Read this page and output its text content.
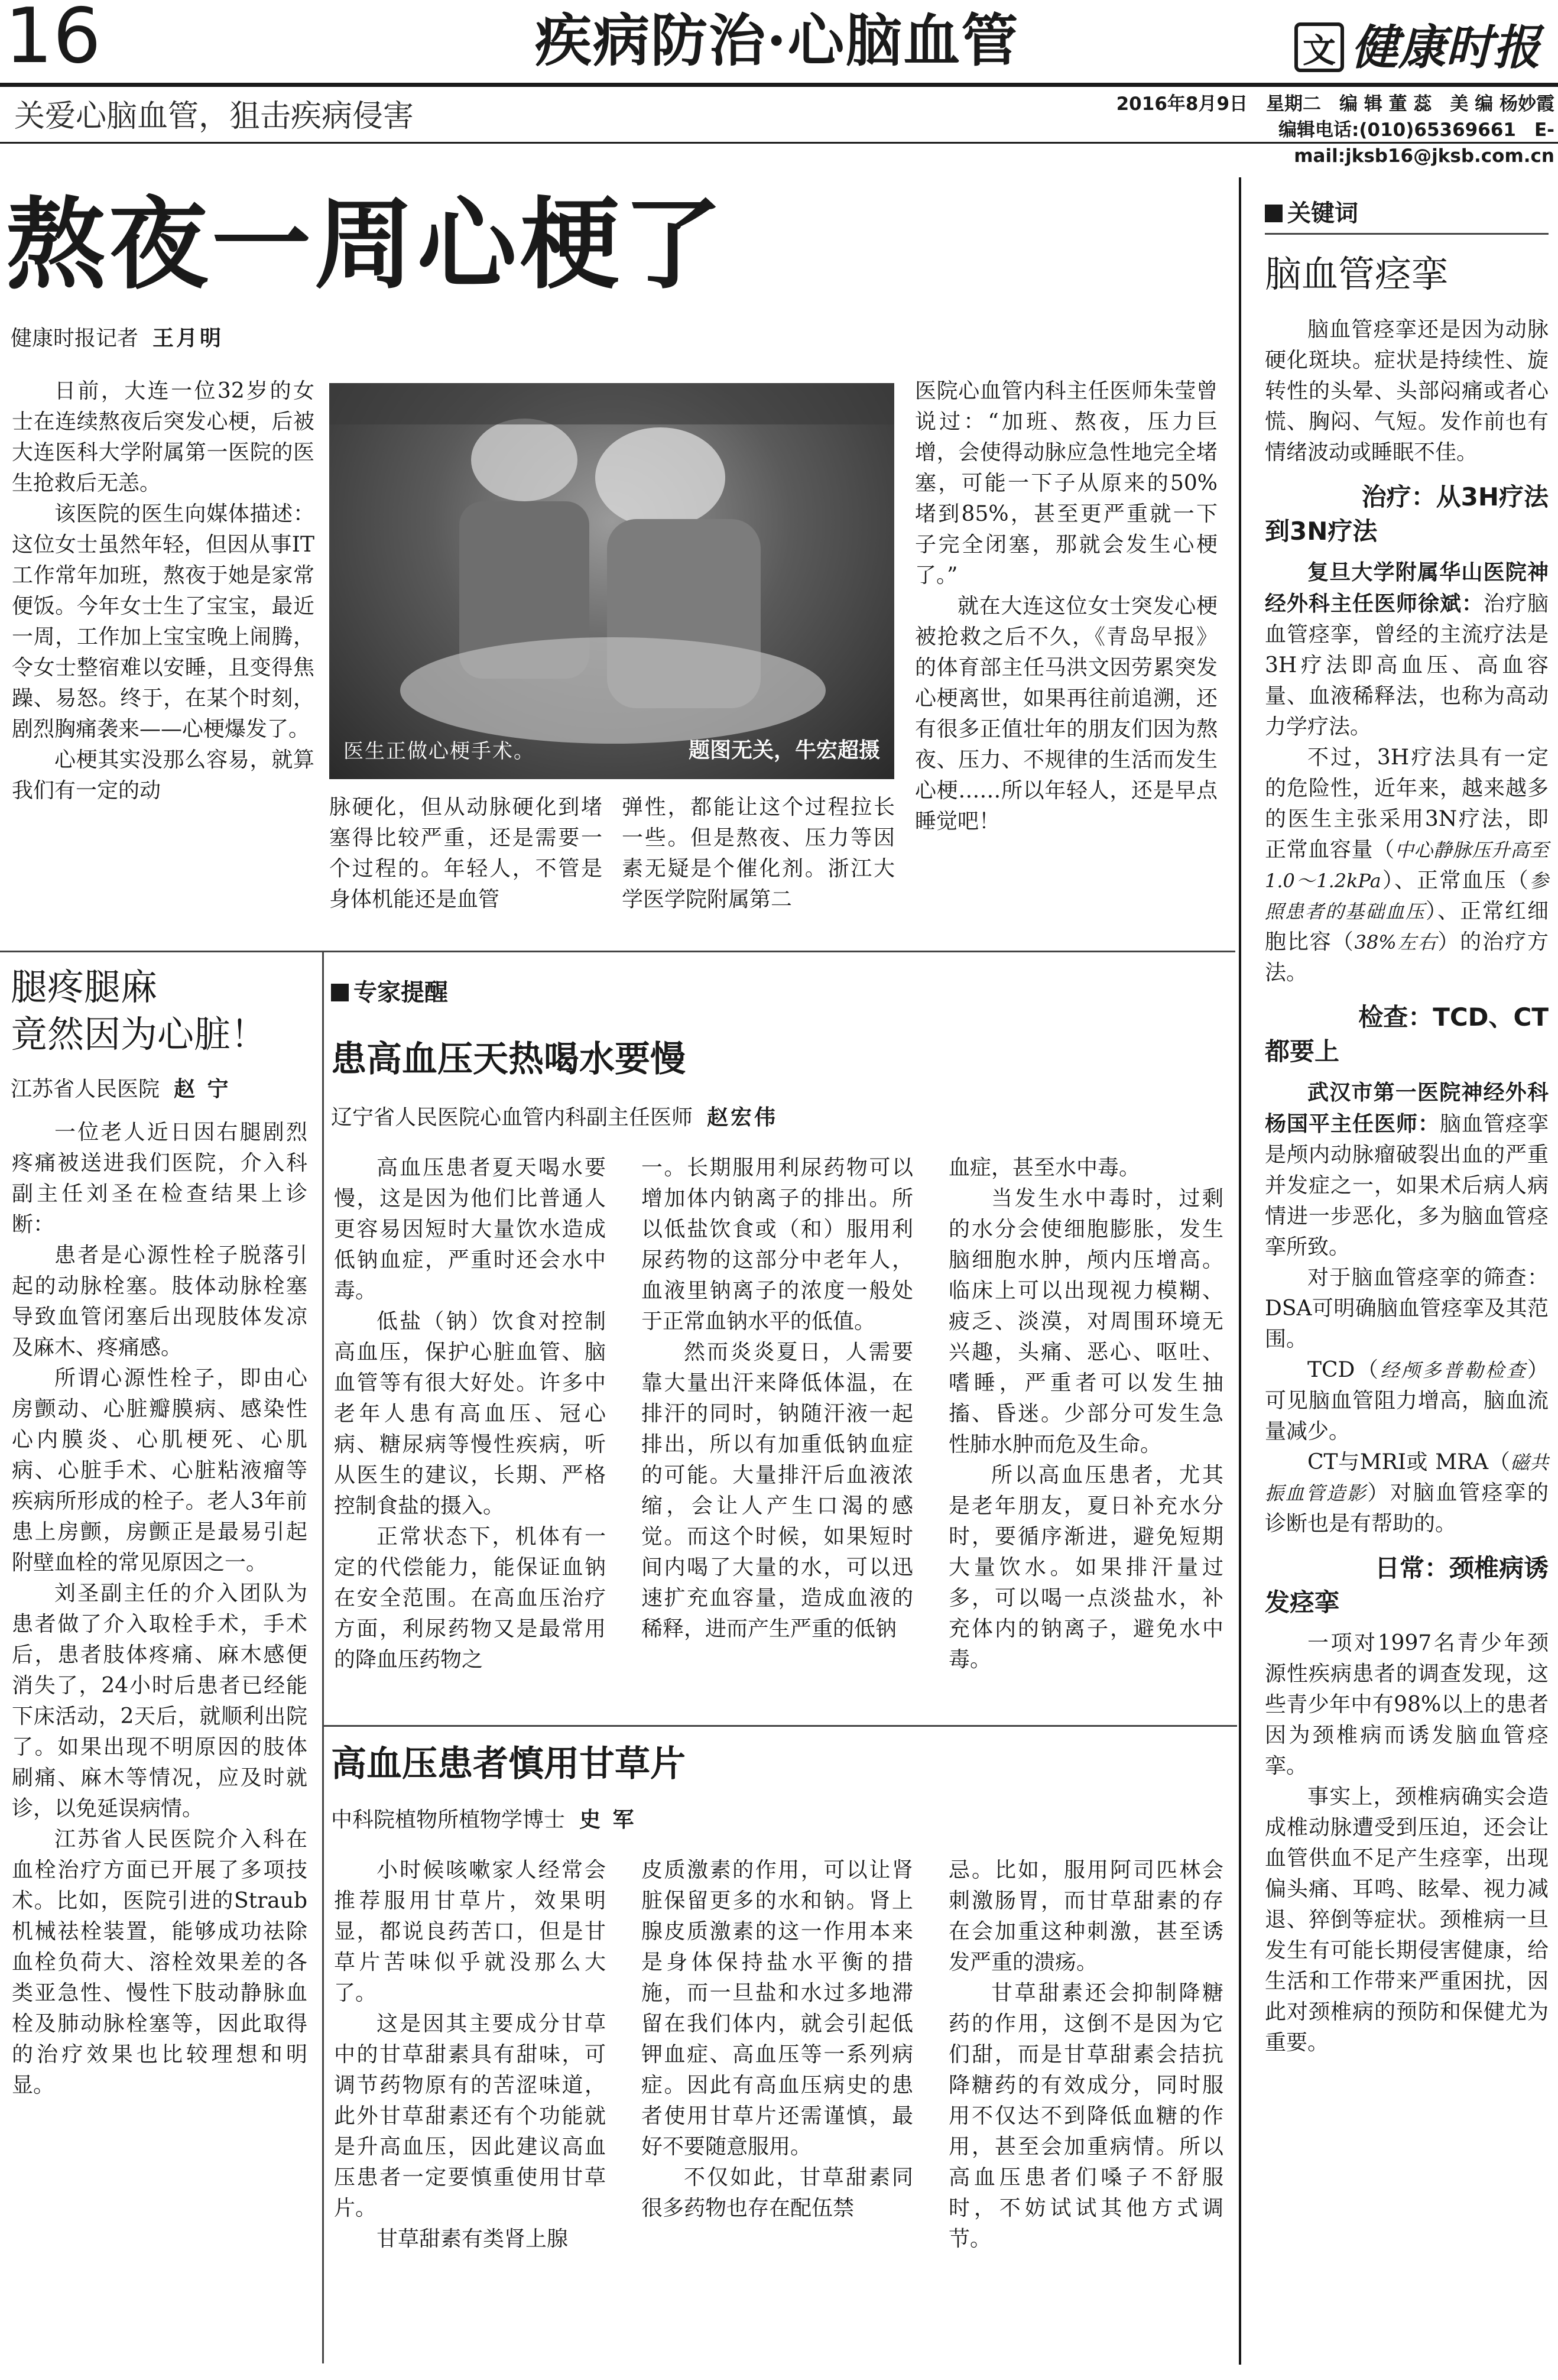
16	疾病防治·心脑血管	文 健康时报
关爱心脑血管，狙击疾病侵害	2016年8月9日　星期二　编 辑 董 蕊　美 编 杨妙霞
编辑电话:(010)65369661　E-mail:jksb16@jksb.com.cn
熬夜一周心梗了
健康时报记者 王月明

日前，大连一位32岁的女士在连续熬夜后突发心梗，后被大连医科大学附属第一医院的医生抢救后无恙。

该医院的医生向媒体描述：这位女士虽然年轻，但因从事IT工作常年加班，熬夜于她是家常便饭。今年女士生了宝宝，最近一周，工作加上宝宝晚上闹腾，令女士整宿难以安睡，且变得焦躁、易怒。终于，在某个时刻，剧烈胸痛袭来——心梗爆发了。

心梗其实没那么容易，就算我们有一定的动

医生正做心梗手术。	题图无关，牛宏超摄

脉硬化，但从动脉硬化到堵塞得比较严重，还是需要一个过程的。年轻人，不管是身体机能还是血管

弹性，都能让这个过程拉长一些。但是熬夜、压力等因素无疑是个催化剂。浙江大学医学院附属第二

医院心血管内科主任医师朱莹曾说过：“加班、熬夜，压力巨增，会使得动脉应急性地完全堵塞，可能一下子从原来的50%堵到85%，甚至更严重就一下子完全闭塞，那就会发生心梗了。”

就在大连这位女士突发心梗被抢救之后不久，《青岛早报》的体育部主任马洪文因劳累突发心梗离世，如果再往前追溯，还有很多正值壮年的朋友们因为熬夜、压力、不规律的生活而发生心梗……所以年轻人，还是早点睡觉吧！

腿疼腿麻
竟然因为心脏！
江苏省人民医院 赵 宁

一位老人近日因右腿剧烈疼痛被送进我们医院，介入科副主任刘圣在检查结果上诊断：

患者是心源性栓子脱落引起的动脉栓塞。肢体动脉栓塞导致血管闭塞后出现肢体发凉及麻木、疼痛感。

所谓心源性栓子，即由心房颤动、心脏瓣膜病、感染性心内膜炎、心肌梗死、心肌病、心脏手术、心脏粘液瘤等疾病所形成的栓子。老人3年前患上房颤，房颤正是最易引起附壁血栓的常见原因之一。

刘圣副主任的介入团队为患者做了介入取栓手术，手术后，患者肢体疼痛、麻木感便消失了，24小时后患者已经能下床活动，2天后，就顺利出院了。如果出现不明原因的肢体刷痛、麻木等情况，应及时就诊，以免延误病情。

江苏省人民医院介入科在血栓治疗方面已开展了多项技术。比如，医院引进的Straub机械祛栓装置，能够成功祛除血栓负荷大、溶栓效果差的各类亚急性、慢性下肢动静脉血栓及肺动脉栓塞等，因此取得的治疗效果也比较理想和明显。

专家提醒
患高血压天热喝水要慢
辽宁省人民医院心血管内科副主任医师 赵宏伟

高血压患者夏天喝水要慢，这是因为他们比普通人更容易因短时大量饮水造成低钠血症，严重时还会水中毒。

低盐（钠）饮食对控制高血压，保护心脏血管、脑血管等有很大好处。许多中老年人患有高血压、冠心病、糖尿病等慢性疾病，听从医生的建议，长期、严格控制食盐的摄入。

正常状态下，机体有一定的代偿能力，能保证血钠在安全范围。在高血压治疗方面，利尿药物又是最常用的降血压药物之

一。长期服用利尿药物可以增加体内钠离子的排出。所以低盐饮食或（和）服用利尿药物的这部分中老年人，血液里钠离子的浓度一般处于正常血钠水平的低值。

然而炎炎夏日，人需要靠大量出汗来降低体温，在排汗的同时，钠随汗液一起排出，所以有加重低钠血症的可能。大量排汗后血液浓缩，会让人产生口渴的感觉。而这个时候，如果短时间内喝了大量的水，可以迅速扩充血容量，造成血液的稀释，进而产生严重的低钠

血症，甚至水中毒。

当发生水中毒时，过剩的水分会使细胞膨胀，发生脑细胞水肿，颅内压增高。临床上可以出现视力模糊、疲乏、淡漠，对周围环境无兴趣，头痛、恶心、呕吐、嗜睡，严重者可以发生抽搐、昏迷。少部分可发生急性肺水肿而危及生命。

所以高血压患者，尤其是老年朋友，夏日补充水分时，要循序渐进，避免短期大量饮水。如果排汗量过多，可以喝一点淡盐水，补充体内的钠离子，避免水中毒。

高血压患者慎用甘草片
中科院植物所植物学博士 史 军

小时候咳嗽家人经常会推荐服用甘草片，效果明显，都说良药苦口，但是甘草片苦味似乎就没那么大了。

这是因其主要成分甘草中的甘草甜素具有甜味，可调节药物原有的苦涩味道，此外甘草甜素还有个功能就是升高血压，因此建议高血压患者一定要慎重使用甘草片。

甘草甜素有类肾上腺

皮质激素的作用，可以让肾脏保留更多的水和钠。肾上腺皮质激素的这一作用本来是身体保持盐水平衡的措施，而一旦盐和水过多地滞留在我们体内，就会引起低钾血症、高血压等一系列病症。因此有高血压病史的患者使用甘草片还需谨慎，最好不要随意服用。

不仅如此，甘草甜素同很多药物也存在配伍禁

忌。比如，服用阿司匹林会刺激肠胃，而甘草甜素的存在会加重这种刺激，甚至诱发严重的溃疡。

甘草甜素还会抑制降糖药的作用，这倒不是因为它们甜，而是甘草甜素会拮抗降糖药的有效成分，同时服用不仅达不到降低血糖的作用，甚至会加重病情。所以高血压患者们嗓子不舒服时，不妨试试其他方式调节。

关键词
脑血管痉挛

脑血管痉挛还是因为动脉硬化斑块。症状是持续性、旋转性的头晕、头部闷痛或者心慌、胸闷、气短。发作前也有情绪波动或睡眠不佳。

治疗：从3H疗法
到3N疗法

复旦大学附属华山医院神经外科主任医师徐斌：治疗脑血管痉挛，曾经的主流疗法是3H疗法即高血压、高血容量、血液稀释法，也称为高动力学疗法。

不过，3H疗法具有一定的危险性，近年来，越来越多的医生主张采用3N疗法，即正常血容量（中心静脉压升高至1.0～1.2kPa）、正常血压（参照患者的基础血压）、正常红细胞比容（38%左右）的治疗方法。

检查：TCD、CT
都要上

武汉市第一医院神经外科杨国平主任医师：脑血管痉挛是颅内动脉瘤破裂出血的严重并发症之一，如果术后病人病情进一步恶化，多为脑血管痉挛所致。

对于脑血管痉挛的筛查：DSA可明确脑血管痉挛及其范围。

TCD（经颅多普勒检查）可见脑血管阻力增高，脑血流量减少。

CT与MRI或 MRA（磁共振血管造影）对脑血管痉挛的诊断也是有帮助的。

日常：颈椎病诱
发痉挛

一项对1997名青少年颈源性疾病患者的调查发现，这些青少年中有98%以上的患者因为颈椎病而诱发脑血管痉挛。

事实上，颈椎病确实会造成椎动脉遭受到压迫，还会让血管供血不足产生痉挛，出现偏头痛、耳鸣、眩晕、视力减退、猝倒等症状。颈椎病一旦发生有可能长期侵害健康，给生活和工作带来严重困扰，因此对颈椎病的预防和保健尤为重要。
